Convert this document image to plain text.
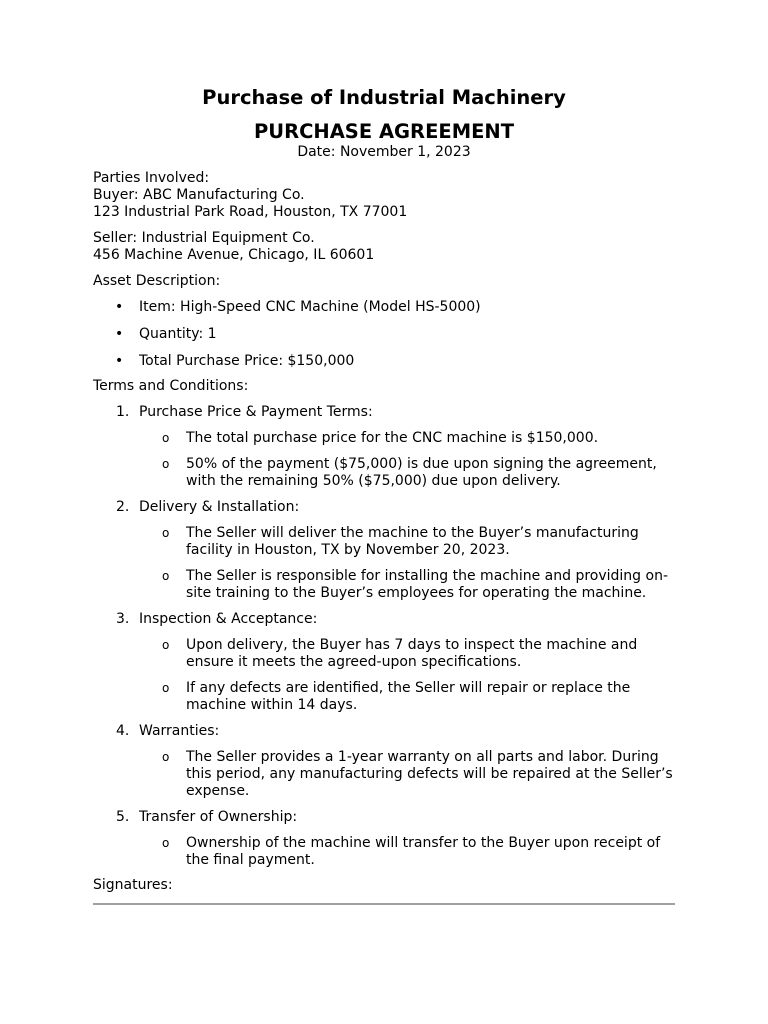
Purchase of Industrial Machinery
PURCHASE AGREEMENT
Date: November 1, 2023
Parties Involved:
Buyer: ABC Manufacturing Co.
123 Industrial Park Road, Houston, TX 77001
Seller: Industrial Equipment Co.
456 Machine Avenue, Chicago, IL 60601
Asset Description:
• Item: High-Speed CNC Machine (Model HS-5000)
• Quantity: 1
• Total Purchase Price: $150,000
Terms and Conditions:
1. Purchase Price & Payment Terms:
o The total purchase price for the CNC machine is $150,000.
o 50% of the payment ($75,000) is due upon signing the agreement, with the remaining 50% ($75,000) due upon delivery.
2. Delivery & Installation:
o The Seller will deliver the machine to the Buyer’s manufacturing facility in Houston, TX by November 20, 2023.
o The Seller is responsible for installing the machine and providing on-site training to the Buyer’s employees for operating the machine.
3. Inspection & Acceptance:
o Upon delivery, the Buyer has 7 days to inspect the machine and ensure it meets the agreed-upon specifications.
o If any defects are identified, the Seller will repair or replace the machine within 14 days.
4. Warranties:
o The Seller provides a 1-year warranty on all parts and labor. During this period, any manufacturing defects will be repaired at the Seller’s expense.
5. Transfer of Ownership:
o Ownership of the machine will transfer to the Buyer upon receipt of the final payment.
Signatures:
